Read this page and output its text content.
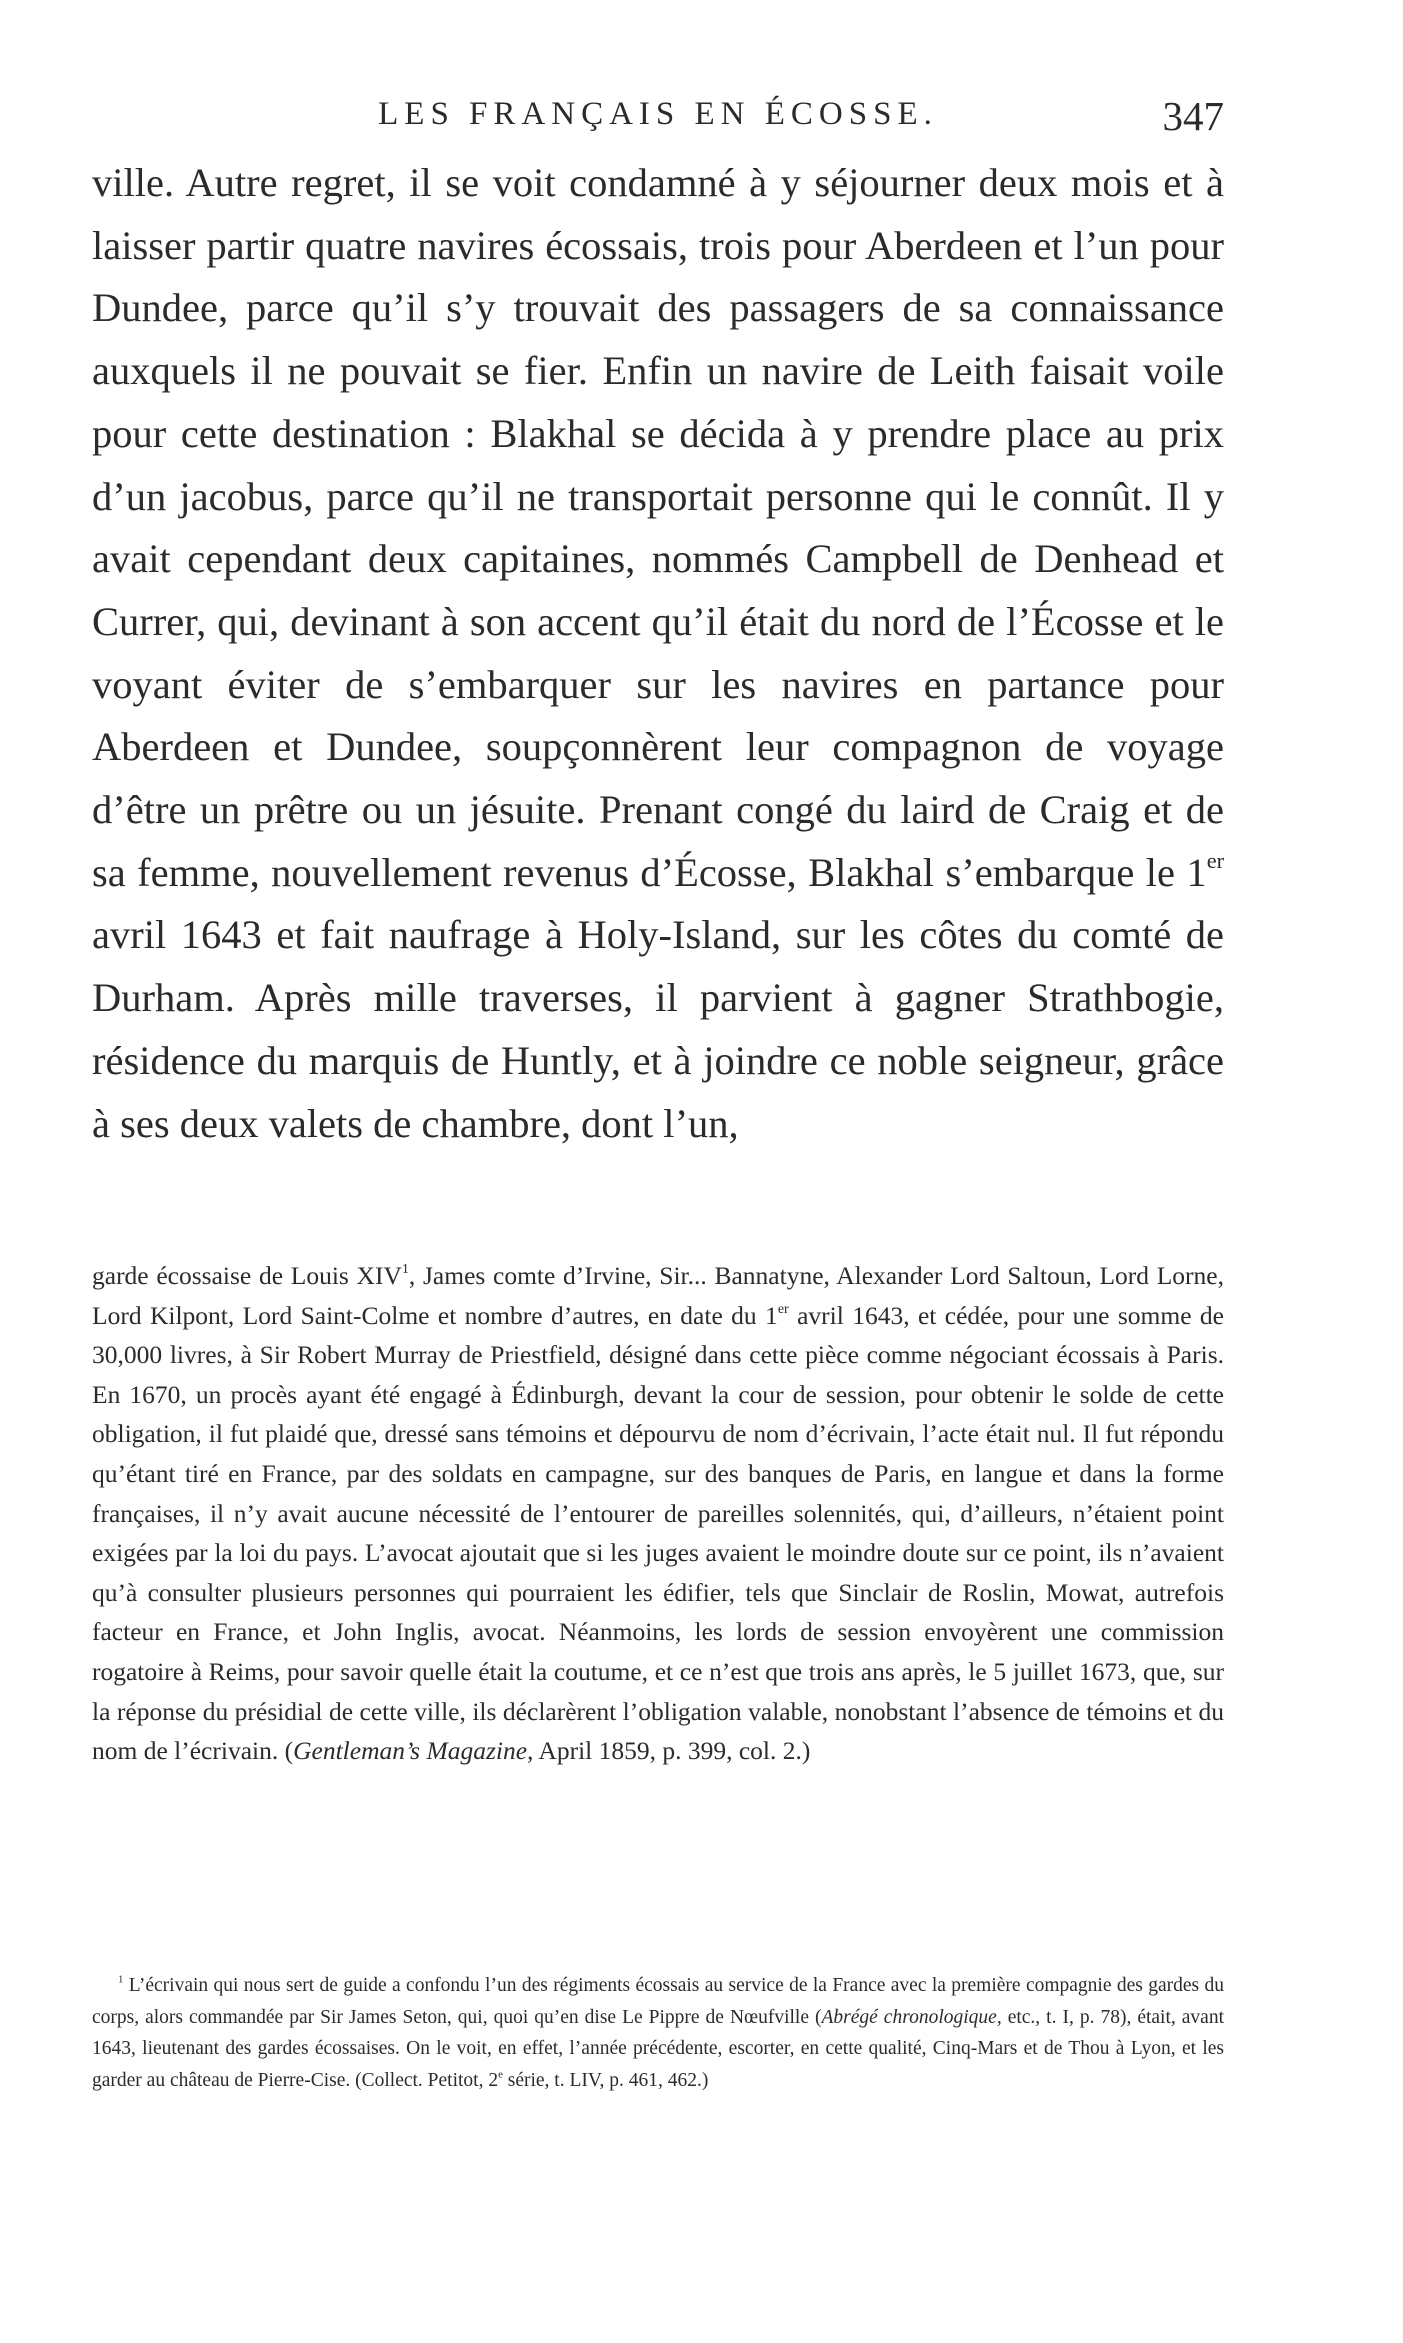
LES FRANÇAIS EN ÉCOSSE.	347

ville. Autre regret, il se voit condamné à y séjourner deux mois et à laisser partir quatre navires écossais, trois pour Aberdeen et l’un pour Dundee, parce qu’il s’y trouvait des passagers de sa connaissance auxquels il ne pouvait se fier. Enfin un navire de Leith faisait voile pour cette destination : Blakhal se décida à y prendre place au prix d’un jacobus, parce qu’il ne transportait personne qui le connût. Il y avait cependant deux capitaines, nommés Campbell de Denhead et Currer, qui, devinant à son accent qu’il était du nord de l’Écosse et le voyant éviter de s’embarquer sur les navires en partance pour Aberdeen et Dundee, soupçonnèrent leur compagnon de voyage d’être un prêtre ou un jésuite. Prenant congé du laird de Craig et de sa femme, nouvellement revenus d’Écosse, Blakhal s’embarque le 1er avril 1643 et fait naufrage à Holy-Island, sur les côtes du comté de Durham. Après mille traverses, il parvient à gagner Strathbogie, résidence du marquis de Huntly, et à joindre ce noble seigneur, grâce à ses deux valets de chambre, dont l’un,

garde écossaise de Louis XIV$^1$, James comte d’Irvine, Sir... Bannatyne, Alexander Lord Saltoun, Lord Lorne, Lord Kilpont, Lord Saint-Colme et nombre d’autres, en date du 1er avril 1643, et cédée, pour une somme de 30,000 livres, à Sir Robert Murray de Priestfield, désigné dans cette pièce comme négociant écossais à Paris. En 1670, un procès ayant été engagé à Édinburgh, devant la cour de session, pour obtenir le solde de cette obligation, il fut plaidé que, dressé sans témoins et dépourvu de nom d’écrivain, l’acte était nul. Il fut répondu qu’étant tiré en France, par des soldats en campagne, sur des banques de Paris, en langue et dans la forme françaises, il n’y avait aucune nécessité de l’entourer de pareilles solennités, qui, d’ailleurs, n’étaient point exigées par la loi du pays. L’avocat ajoutait que si les juges avaient le moindre doute sur ce point, ils n’avaient qu’à consulter plusieurs personnes qui pourraient les édifier, tels que Sinclair de Roslin, Mowat, autrefois facteur en France, et John Inglis, avocat. Néanmoins, les lords de session envoyèrent une commission rogatoire à Reims, pour savoir quelle était la coutume, et ce n’est que trois ans après, le 5 juillet 1673, que, sur la réponse du présidial de cette ville, ils déclarèrent l’obligation valable, nonobstant l’absence de témoins et du nom de l’écrivain. (Gentleman’s Magazine, April 1859, p. 399, col. 2.)

$^1$ L’écrivain qui nous sert de guide a confondu l’un des régiments écossais au service de la France avec la première compagnie des gardes du corps, alors commandée par Sir James Seton, qui, quoi qu’en dise Le Pippre de Nœufville (Abrégé chronologique, etc., t. I, p. 78), était, avant 1643, lieutenant des gardes écossaises. On le voit, en effet, l’année précédente, escorter, en cette qualité, Cinq-Mars et de Thou à Lyon, et les garder au château de Pierre-Cise. (Collect. Petitot, 2e série, t. LIV, p. 461, 462.)
